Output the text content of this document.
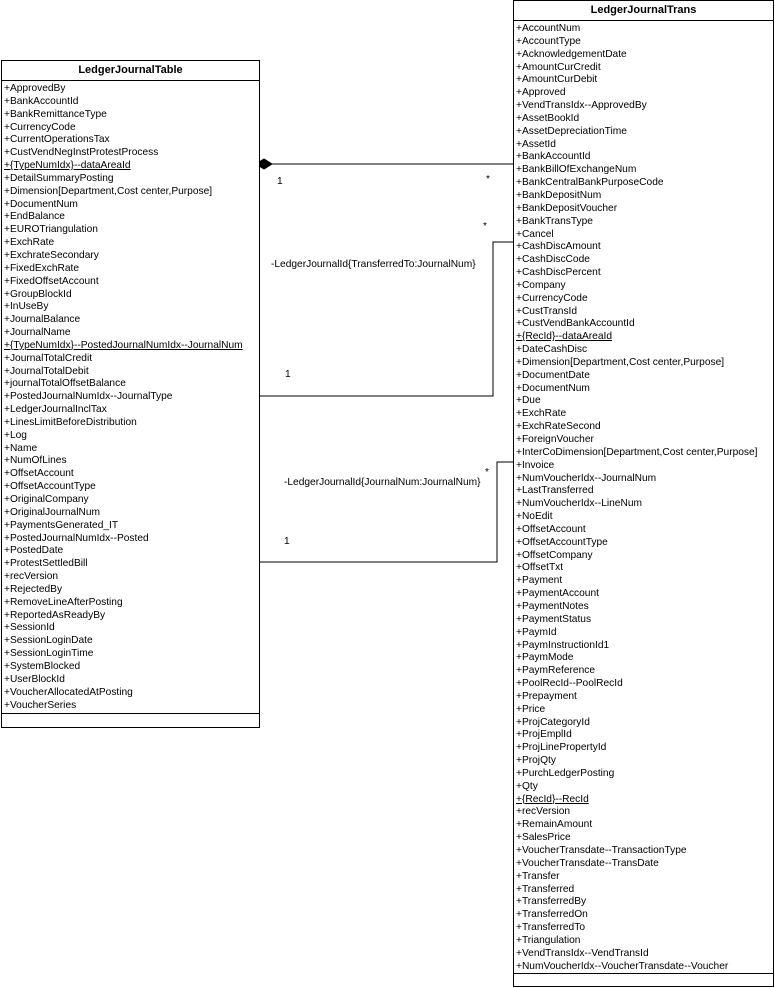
LedgerJournalTable
+ApprovedBy
+BankAccountId
+BankRemittanceType
+CurrencyCode
+CurrentOperationsTax
+CustVendNegInstProtestProcess
+{TypeNumIdx}--dataAreaId
+DetailSummaryPosting
+Dimension[Department,Cost center,Purpose]
+DocumentNum
+EndBalance
+EUROTriangulation
+ExchRate
+ExchrateSecondary
+FixedExchRate
+FixedOffsetAccount
+GroupBlockId
+InUseBy
+JournalBalance
+JournalName
+{TypeNumIdx}--PostedJournalNumIdx--JournalNum
+JournalTotalCredit
+JournalTotalDebit
+journalTotalOffsetBalance
+PostedJournalNumIdx--JournalType
+LedgerJournalInclTax
+LinesLimitBeforeDistribution
+Log
+Name
+NumOfLines
+OffsetAccount
+OffsetAccountType
+OriginalCompany
+OriginalJournalNum
+PaymentsGenerated_IT
+PostedJournalNumIdx--Posted
+PostedDate
+ProtestSettledBill
+recVersion
+RejectedBy
+RemoveLineAfterPosting
+ReportedAsReadyBy
+SessionId
+SessionLoginDate
+SessionLoginTime
+SystemBlocked
+UserBlockId
+VoucherAllocatedAtPosting
+VoucherSeries
LedgerJournalTrans
+AccountNum
+AccountType
+AcknowledgementDate
+AmountCurCredit
+AmountCurDebit
+Approved
+VendTransIdx--ApprovedBy
+AssetBookId
+AssetDepreciationTime
+AssetId
+BankAccountId
+BankBillOfExchangeNum
+BankCentralBankPurposeCode
+BankDepositNum
+BankDepositVoucher
+BankTransType
+Cancel
+CashDiscAmount
+CashDiscCode
+CashDiscPercent
+Company
+CurrencyCode
+CustTransId
+CustVendBankAccountId
+{RecId}--dataAreaId
+DateCashDisc
+Dimension[Department,Cost center,Purpose]
+DocumentDate
+DocumentNum
+Due
+ExchRate
+ExchRateSecond
+ForeignVoucher
+InterCoDimension[Department,Cost center,Purpose]
+Invoice
+NumVoucherIdx--JournalNum
+LastTransferred
+NumVoucherIdx--LineNum
+NoEdit
+OffsetAccount
+OffsetAccountType
+OffsetCompany
+OffsetTxt
+Payment
+PaymentAccount
+PaymentNotes
+PaymentStatus
+PaymId
+PaymInstructionId1
+PaymMode
+PaymReference
+PoolRecId--PoolRecId
+Prepayment
+Price
+ProjCategoryId
+ProjEmplId
+ProjLinePropertyId
+ProjQty
+PurchLedgerPosting
+Qty
+{RecId}--RecId
+recVersion
+RemainAmount
+SalesPrice
+VoucherTransdate--TransactionType
+VoucherTransdate--TransDate
+Transfer
+Transferred
+TransferredBy
+TransferredOn
+TransferredTo
+Triangulation
+VendTransIdx--VendTransId
+NumVoucherIdx--VoucherTransdate--Voucher
1	*
*
-LedgerJournalId{TransferredTo:JournalNum}
1
*
-LedgerJournalId{JournalNum:JournalNum}
1
